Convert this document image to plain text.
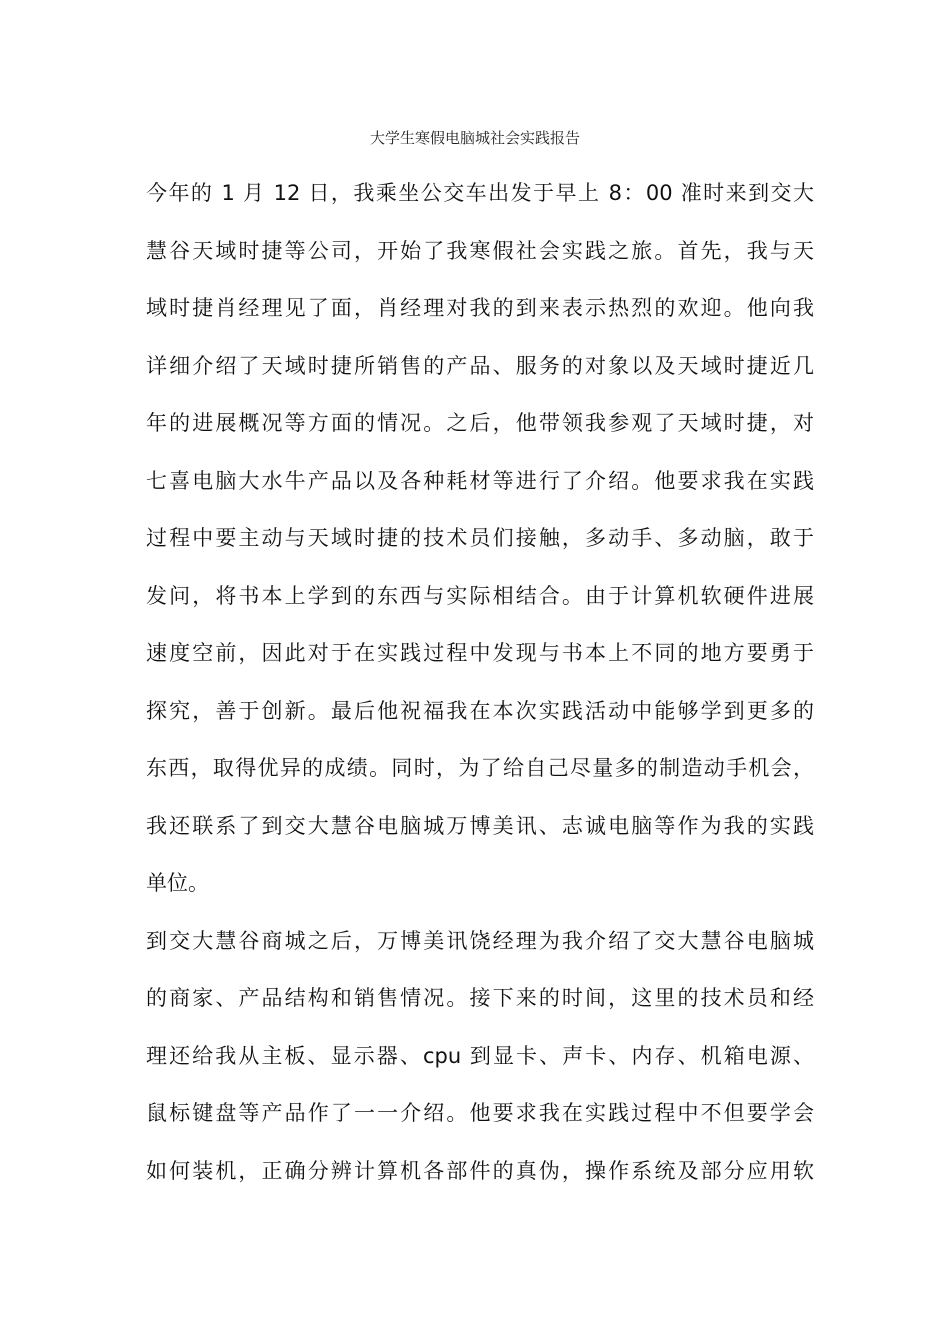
大学生寒假电脑城社会实践报告
今年的 1 月 12 日，我乘坐公交车出发于早上 8：00 准时来到交大
慧谷天域时捷等公司，开始了我寒假社会实践之旅。首先，我与天
域时捷肖经理见了面，肖经理对我的到来表示热烈的欢迎。他向我
详细介绍了天域时捷所销售的产品、服务的对象以及天域时捷近几
年的进展概况等方面的情况。之后，他带领我参观了天域时捷，对
七喜电脑大水牛产品以及各种耗材等进行了介绍。他要求我在实践
过程中要主动与天域时捷的技术员们接触，多动手、多动脑，敢于
发问，将书本上学到的东西与实际相结合。由于计算机软硬件进展
速度空前，因此对于在实践过程中发现与书本上不同的地方要勇于
探究，善于创新。最后他祝福我在本次实践活动中能够学到更多的
东西，取得优异的成绩。同时，为了给自己尽量多的制造动手机会，
我还联系了到交大慧谷电脑城万博美讯、志诚电脑等作为我的实践
单位。
到交大慧谷商城之后，万博美讯饶经理为我介绍了交大慧谷电脑城
的商家、产品结构和销售情况。接下来的时间，这里的技术员和经
理还给我从主板、显示器、cpu 到显卡、声卡、内存、机箱电源、
鼠标键盘等产品作了一一介绍。他要求我在实践过程中不但要学会
如何装机，正确分辨计算机各部件的真伪，操作系统及部分应用软
